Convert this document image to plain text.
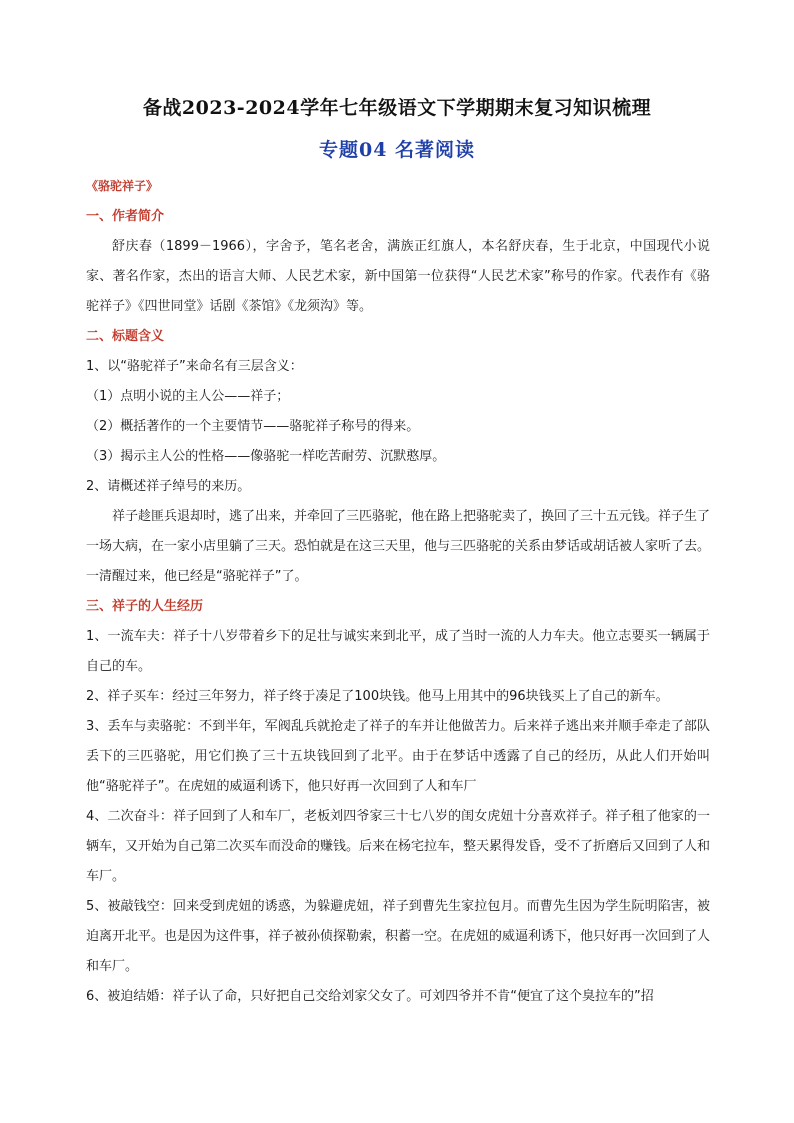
备战2023-2024学年七年级语文下学期期末复习知识梳理
专题04 名著阅读
《骆驼祥子》
一、作者简介

舒庆春（1899－1966），字舍予，笔名老舍，满族正红旗人，本名舒庆春，生于北京，中国现代小说家、著名作家，杰出的语言大师、人民艺术家，新中国第一位获得“人民艺术家”称号的作家。代表作有《骆驼祥子》《四世同堂》话剧《茶馆》《龙须沟》等。

二、标题含义

1、以“骆驼祥子”来命名有三层含义：

（1）点明小说的主人公——祥子；

（2）概括著作的一个主要情节——骆驼祥子称号的得来。

（3）揭示主人公的性格——像骆驼一样吃苦耐劳、沉默憨厚。

2、请概述祥子绰号的来历。

祥子趁匪兵退却时，逃了出来，并牵回了三匹骆驼，他在路上把骆驼卖了，换回了三十五元钱。祥子生了一场大病，在一家小店里躺了三天。恐怕就是在这三天里，他与三匹骆驼的关系由梦话或胡话被人家听了去。一清醒过来，他已经是“骆驼祥子”了。

三、祥子的人生经历

1、一流车夫：祥子十八岁带着乡下的足壮与诚实来到北平，成了当时一流的人力车夫。他立志要买一辆属于自己的车。

2、祥子买车：经过三年努力，祥子终于凑足了100块钱。他马上用其中的96块钱买上了自己的新车。

3、丢车与卖骆驼：不到半年，军阀乱兵就抢走了祥子的车并让他做苦力。后来祥子逃出来并顺手牵走了部队丢下的三匹骆驼，用它们换了三十五块钱回到了北平。由于在梦话中透露了自己的经历，从此人们开始叫他“骆驼祥子”。在虎妞的威逼利诱下，他只好再一次回到了人和车厂

4、二次奋斗：祥子回到了人和车厂，老板刘四爷家三十七八岁的闺女虎妞十分喜欢祥子。祥子租了他家的一辆车，又开始为自己第二次买车而没命的赚钱。后来在杨宅拉车，整天累得发昏，受不了折磨后又回到了人和车厂。

5、被敲钱空：回来受到虎妞的诱惑，为躲避虎妞，祥子到曹先生家拉包月。而曹先生因为学生阮明陷害，被迫离开北平。也是因为这件事，祥子被孙侦探勒索，积蓄一空。在虎妞的威逼利诱下，他只好再一次回到了人和车厂。

6、被迫结婚：祥子认了命，只好把自己交给刘家父女了。可刘四爷并不肯“便宜了这个臭拉车的”招
